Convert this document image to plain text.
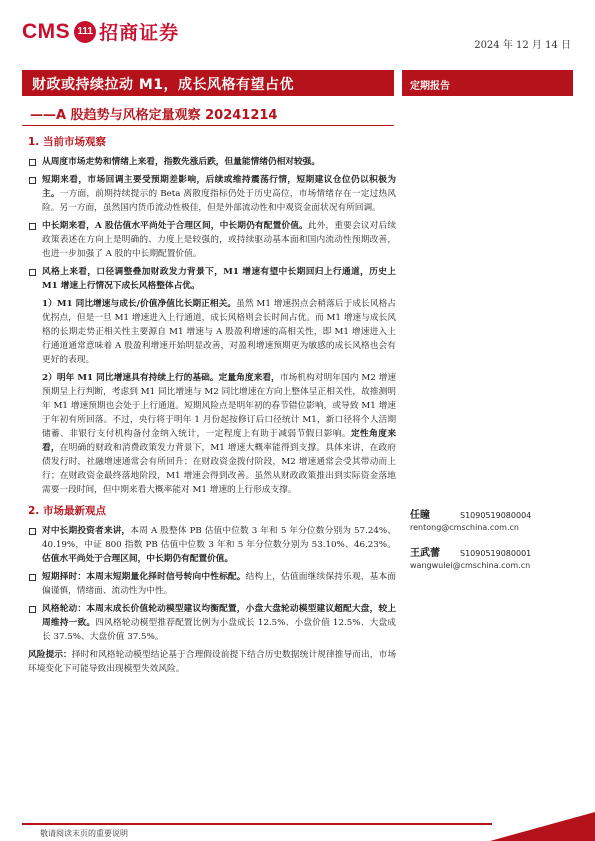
CMS 111 招商证券
2024 年 12 月 14 日
财政或持续拉动 M1，成长风格有望占优	定期报告
——A 股趋势与风格定量观察 20241214
1. 当前市场观察
从周度市场走势和情绪上来看，指数先涨后跌，但量能情绪仍相对较强。
短期来看，市场回调主要受预期差影响，后续或维持震荡行情，短期建议仓位仍以积极为主。一方面，前期持续提示的 Beta 离散度指标仍处于历史高位，市场情绪存在一定过热风险。另一方面，虽然国内货币流动性极佳，但是外部流动性和中观资金面状况有所回调。
中长期来看，A 股估值水平尚处于合理区间，中长期仍有配置价值。此外，重要会议对后续政策表述在方向上是明确的、力度上是较强的，或持续驱动基本面和国内流动性预期改善，也进一步加强了 A 股的中长期配置价值。
风格上来看，口径调整叠加财政发力背景下，M1 增速有望中长期回归上行通道，历史上 M1 增速上行情况下成长风格整体占优。
1）M1 同比增速与成长/价值净值比长期正相关。虽然 M1 增速拐点会稍落后于成长风格占优拐点，但是一旦 M1 增速进入上行通道，成长风格则会长时间占优。而 M1 增速与成长风格的长期走势正相关性主要源自 M1 增速与 A 股盈利增速的高相关性，即 M1 增速进入上行通道通常意味着 A 股盈利增速开始明显改善，对盈利增速预期更为敏感的成长风格也会有更好的表现。
2）明年 M1 同比增速具有持续上行的基础。定量角度来看，市场机构对明年国内 M2 增速预期呈上行判断，考虑到 M1 同比增速与 M2 同比增速在方向上整体呈正相关性，故推测明年 M1 增速预期也会处于上行通道。短期风险点是明年初的春节错位影响，或导致 M1 增速于年初有所回落。不过，央行将于明年 1 月份起按修订后口径统计 M1，新口径将个人活期储蓄、非银行支付机构备付金纳入统计，一定程度上有助于减弱节假日影响。定性角度来看，在明确的财政和消费政策发力背景下，M1 增速大概率能得到支撑。具体来讲，在政府债发行时，社融增速通常会有所回升；在财政资金拨付阶段，M2 增速通常会受其带动而上行；在财政资金最终落地阶段，M1 增速会得到改善。虽然从财政政策推出到实际资金落地需要一段时间，但中期来看大概率能对 M1 增速的上行形成支撑。
2. 市场最新观点
对中长期投资者来讲，本周 A 股整体 PB 估值中位数 3 年和 5 年分位数分别为 57.24%、40.19%，中证 800 指数 PB 估值中位数 3 年和 5 年分位数分别为 53.10%、46.23%。估值水平尚处于合理区间，中长期仍有配置价值。
短期择时：本周末短期量化择时信号转向中性标配。结构上，估值面继续保持乐观，基本面偏谨慎，情绪面、流动性为中性。
风格轮动：本周末成长价值轮动模型建议均衡配置，小盘大盘轮动模型建议超配大盘，较上周维持一致。四风格轮动模型推荐配置比例为小盘成长 12.5%、小盘价值 12.5%、大盘成长 37.5%、大盘价值 37.5%。
风险提示：择时和风格轮动模型结论基于合理假设前提下结合历史数据统计规律推导而出，市场环境变化下可能导致出现模型失效风险。
任瞳	S1090519080004
rentong@cmschina.com.cn
王武蕾	S1090519080001
wangwulei@cmschina.com.cn
敬请阅读末页的重要说明
